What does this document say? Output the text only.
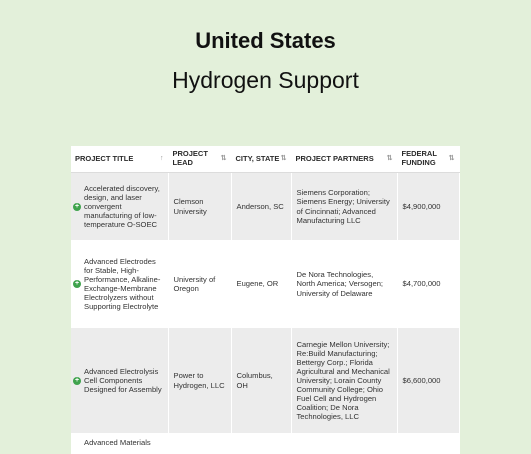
United States
Hydrogen Support
PROJECT TITLE ↑	PROJECT LEAD ⇅	CITY, STATE ⇅	PROJECT PARTNERS ⇅	FEDERAL FUNDING ⇅

+
Accelerated discovery, design, and laser convergent manufacturing of low-temperature O-SOEC	Clemson University	Anderson, SC	Siemens Corporation; Siemens Energy; University of Cincinnati; Advanced Manufacturing LLC	$4,900,000

+
Advanced Electrodes for Stable, High-Performance, Alkaline-Exchange-Membrane Electrolyzers without Supporting Electrolyte	University of Oregon	Eugene, OR	De Nora Technologies, North America; Versogen; University of Delaware	$4,700,000

+
Advanced Electrolysis Cell Components Designed for Assembly	Power to Hydrogen, LLC	Columbus, OH	Carnegie Mellon University; Re:Build Manufacturing; Bettergy Corp.; Florida Agricultural and Mechanical University; Lorain County Community College; Ohio Fuel Cell and Hydrogen Coalition; De Nora Technologies, LLC	$6,600,000
Advanced Materials				
